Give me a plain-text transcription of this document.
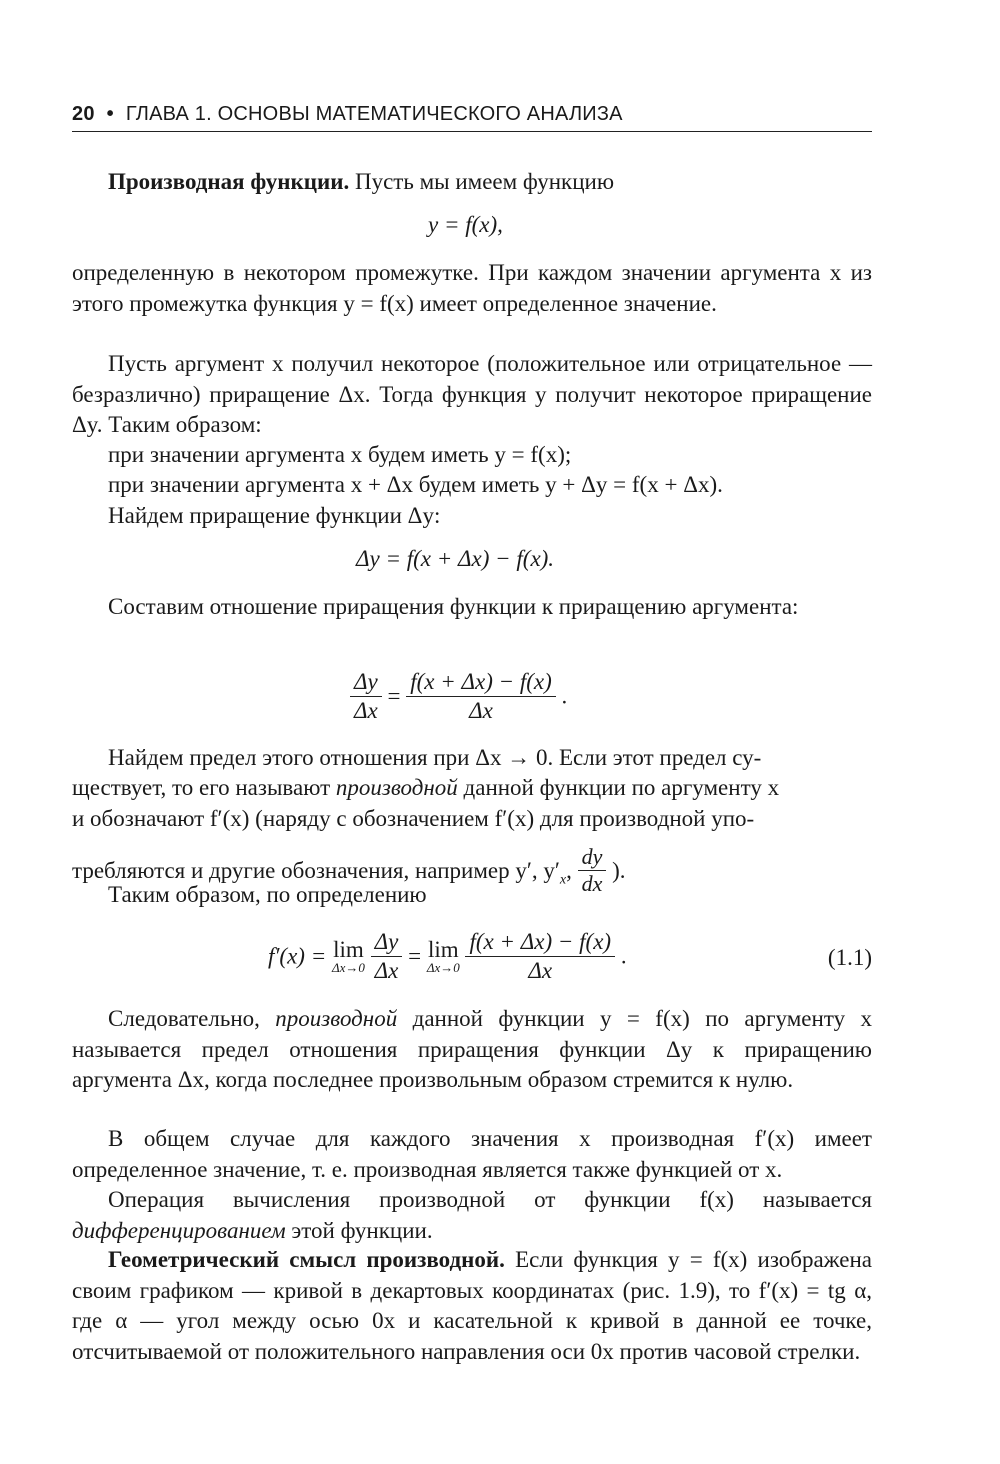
20 • ГЛАВА 1. ОСНОВЫ МАТЕМАТИЧЕСКОГО АНАЛИЗА

Производная функции. Пусть мы имеем функцию

y = f(x),

определенную в некотором промежутке. При каждом значении аргумента x из этого промежутка функция y = f(x) имеет определенное значение.

Пусть аргумент x получил некоторое (положительное или отрицательное — безразлично) приращение Δx. Тогда функция y получит некоторое приращение Δy. Таким образом:

при значении аргумента x будем иметь y = f(x);

при значении аргумента x + Δx будем иметь y + Δy = f(x + Δx).

Найдем приращение функции Δy:

Δy = f(x + Δx) − f(x).

Составим отношение приращения функции к приращению аргумента:

$\frac{\Delta y}{\Delta x} = \frac{f(x + \Delta x) - f(x)}{\Delta x}$ .

Найдем предел этого отношения при Δx → 0. Если этот предел су-

ществует, то его называют производной данной функции по аргументу x

и обозначают f′(x) (наряду с обозначением f′(x) для производной упо-

требляются и другие обозначения, например y′, $y'_x$, $\frac{dy}{dx}$ ).

Таким образом, по определению

f′(x) = lim
Δx→0
$\frac{\Delta y}{\Delta x} = \lim$
Δx→0
$\frac{f(x + \Delta x) - f(x)}{\Delta x}$ .	(1.1)

Следовательно, производной данной функции y = f(x) по аргументу x называется предел отношения приращения функции Δy к приращению аргумента Δx, когда последнее произвольным образом стремится к нулю.

В общем случае для каждого значения x производная f′(x) имеет определенное значение, т. е. производная является также функцией от x.

Операция вычисления производной от функции f(x) называется дифференцированием этой функции.

Геометрический смысл производной. Если функция y = f(x) изображена своим графиком — кривой в декартовых координатах (рис. 1.9), то f′(x) = tg α, где α — угол между осью 0x и касательной к кривой в данной ее точке, отсчитываемой от положительного направления оси 0x против часовой стрелки.
